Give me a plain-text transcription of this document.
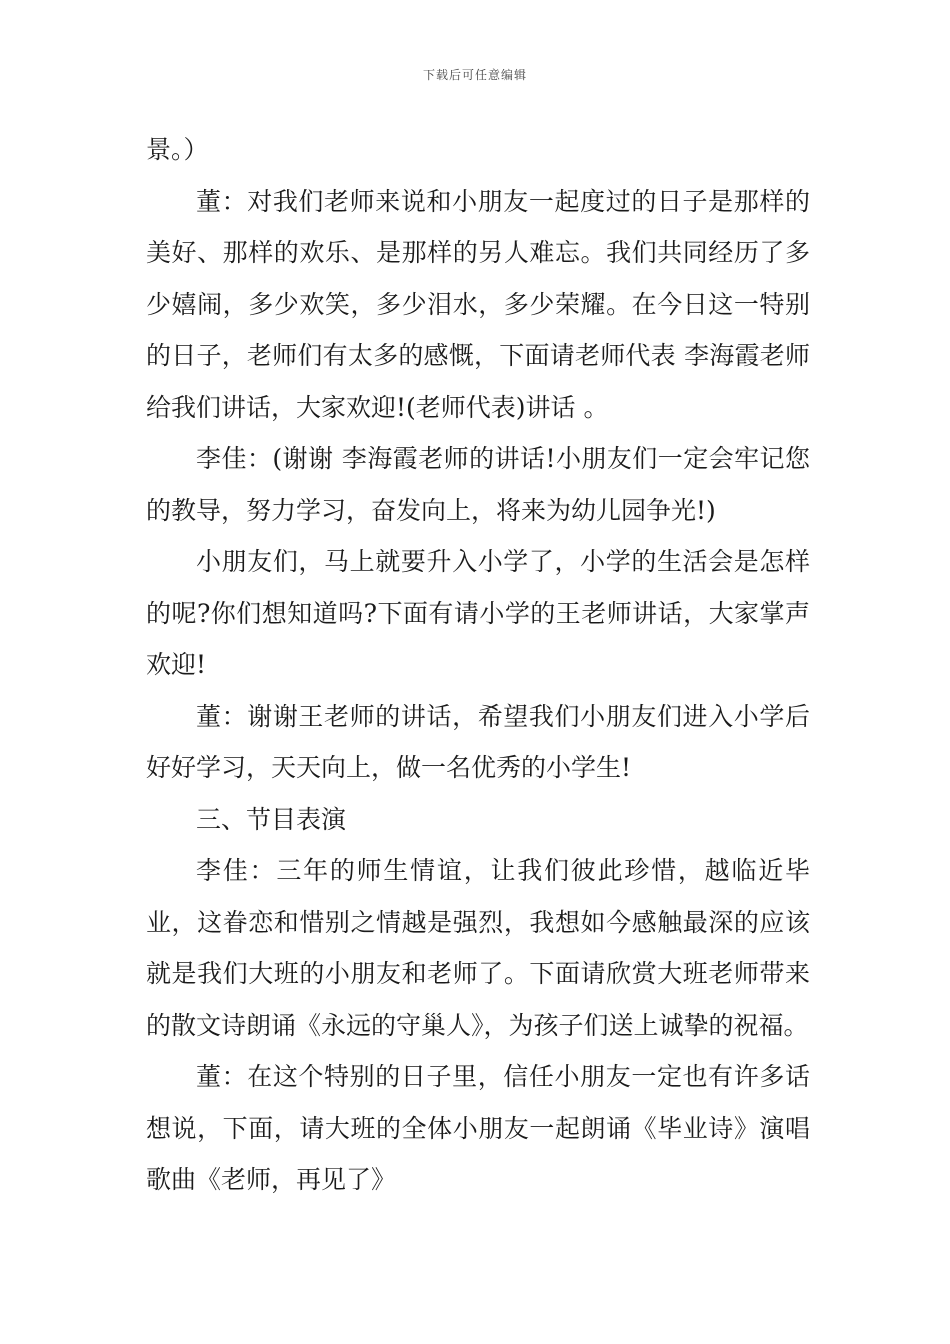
下载后可任意编辑

景。）

董：对我们老师来说和小朋友一起度过的日子是那样的美好、那样的欢乐、是那样的另人难忘。我们共同经历了多少嬉闹，多少欢笑，多少泪水，多少荣耀。在今日这一特别的日子，老师们有太多的感慨，下面请老师代表 李海霞老师给我们讲话，大家欢迎!(老师代表)讲话 。

李佳：(谢谢 李海霞老师的讲话!小朋友们一定会牢记您的教导，努力学习，奋发向上，将来为幼儿园争光!)

小朋友们，马上就要升入小学了，小学的生活会是怎样的呢?你们想知道吗?下面有请小学的王老师讲话，大家掌声欢迎!

董：谢谢王老师的讲话，希望我们小朋友们进入小学后好好学习，天天向上，做一名优秀的小学生!

三、节目表演

李佳：三年的师生情谊，让我们彼此珍惜，越临近毕业，这眷恋和惜别之情越是强烈，我想如今感触最深的应该就是我们大班的小朋友和老师了。下面请欣赏大班老师带来的散文诗朗诵《永远的守巢人》，为孩子们送上诚挚的祝福。

董：在这个特别的日子里，信任小朋友一定也有许多话想说，下面，请大班的全体小朋友一起朗诵《毕业诗》演唱歌曲《老师，再见了》
